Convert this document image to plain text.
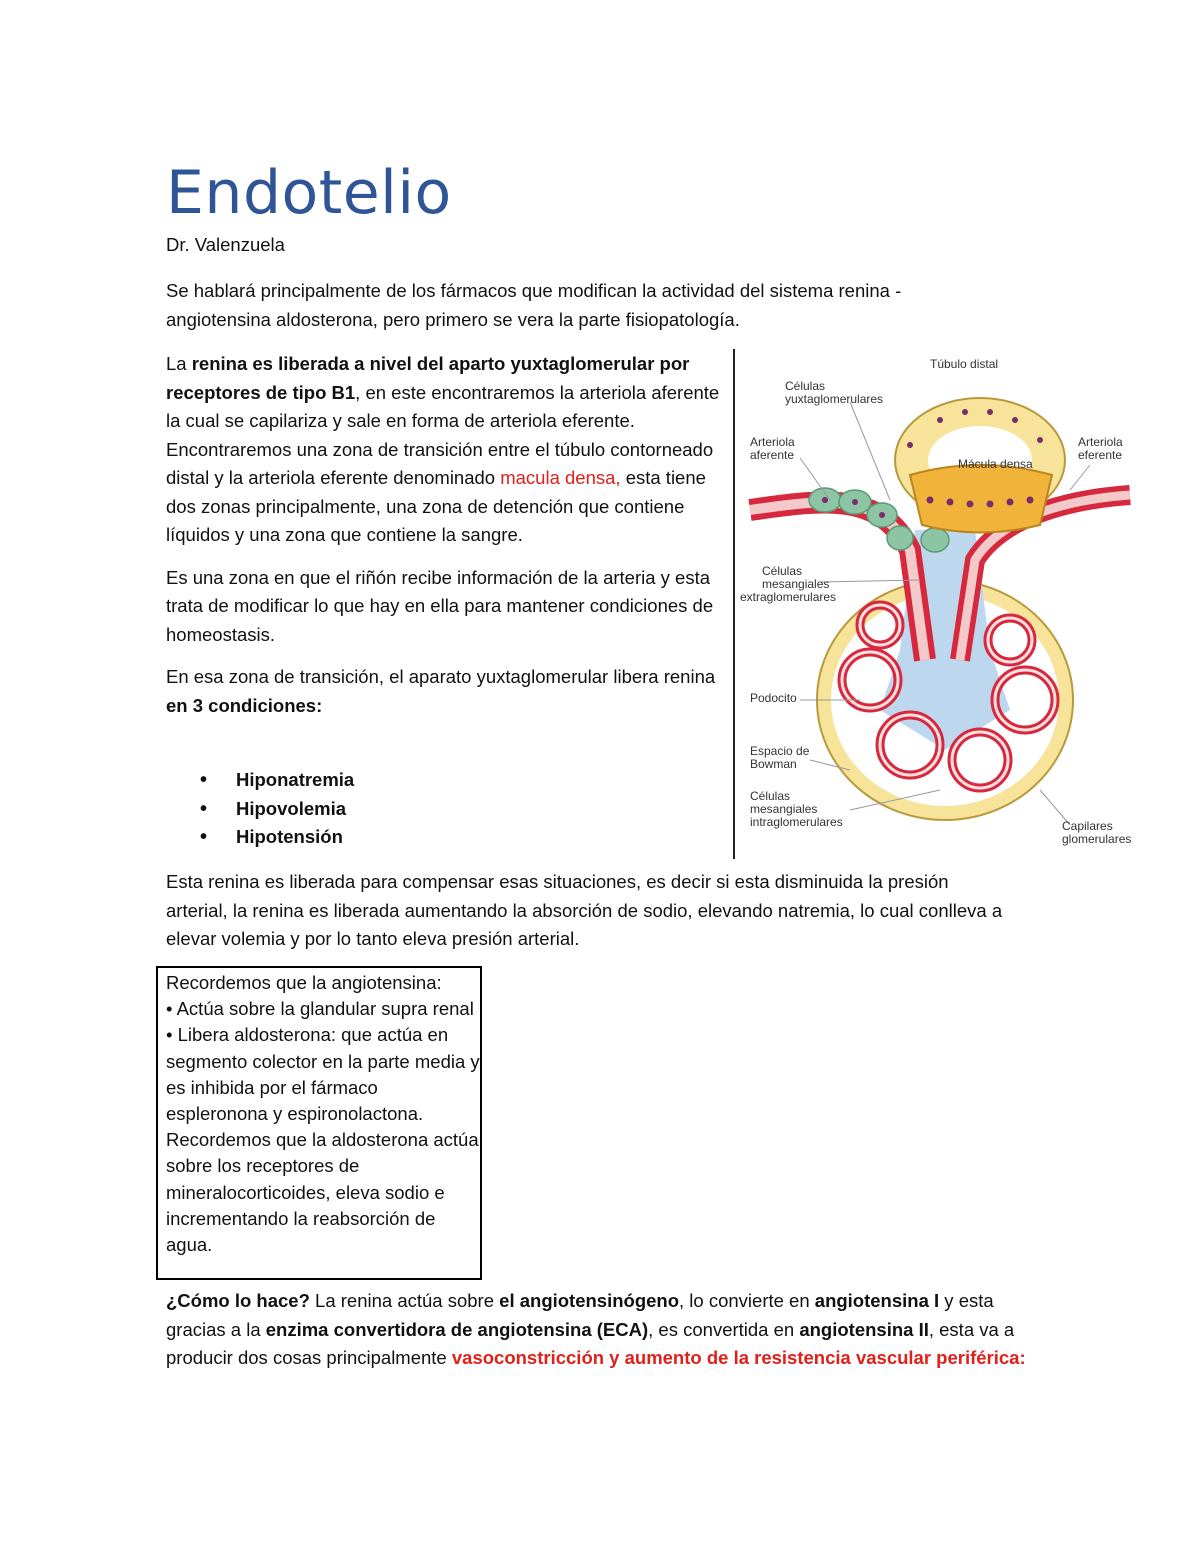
Endotelio
Dr. Valenzuela
Se hablará principalmente de los fármacos que modifican la actividad del sistema renina -angiotensina aldosterona, pero primero se vera la parte fisiopatología.

La renina es liberada a nivel del aparto yuxtaglomerular por receptores de tipo B1, en este encontraremos la arteriola aferente la cual se capilariza y sale en forma de arteriola eferente. Encontraremos una zona de transición entre el túbulo contorneado distal y la arteriola eferente denominado macula densa, esta tiene dos zonas principalmente, una zona de detención que contiene líquidos y una zona que contiene la sangre.

Es una zona en que el riñón recibe información de la arteria y esta trata de modificar lo que hay en ella para mantener condiciones de homeostasis.

En esa zona de transición, el aparato yuxtaglomerular libera renina en 3 condiciones:

•	Hiponatremia
•	Hipovolemia
•	Hipotensión
Túbulo distal
Células yuxtaglomerulares
Mácula densa
Arteriola aferente
Arteriola eferente
Células mesangiales extraglomerulares
Podocito
Espacio de Bowman
Células mesangiales intraglomerulares	Capilares glomerulares
Esta renina es liberada para compensar esas situaciones, es decir si esta disminuida la presión arterial, la renina es liberada aumentando la absorción de sodio, elevando natremia, lo cual conlleva a elevar volemia y por lo tanto eleva presión arterial.
Recordemos que la angiotensina:
• Actúa sobre la glandular supra renal
• Libera aldosterona: que actúa en segmento colector en la parte media y es inhibida por el fármaco espleronona y espironolactona.
Recordemos que la aldosterona actúa sobre los receptores de mineralocorticoides, eleva sodio e incrementando la reabsorción de agua.
¿Cómo lo hace? La renina actúa sobre el angiotensinógeno, lo convierte en angiotensina I y esta gracias a la enzima convertidora de angiotensina (ECA), es convertida en angiotensina II, esta va a producir dos cosas principalmente vasoconstricción y aumento de la resistencia vascular periférica:
